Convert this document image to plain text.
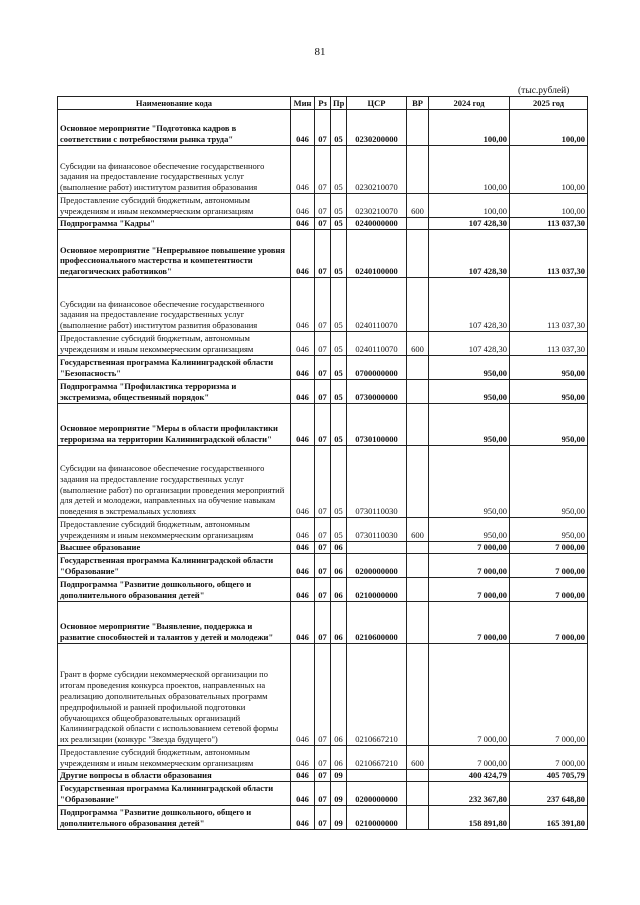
81
(тыс.рублей)
Наименование кода	Мин	Рз	Пр	ЦСР	ВР	2024 год	2025 год
Основное мероприятие "Подготовка кадров в соответствии с потребностями рынка труда"	046	07	05	0230200000		100,00	100,00
Субсидии на финансовое обеспечение государственного задания на предоставление государственных услуг (выполнение работ) институтом развития образования	046	07	05	0230210070		100,00	100,00
Предоставление субсидий бюджетным, автономным учреждениям и иным некоммерческим организациям	046	07	05	0230210070	600	100,00	100,00
Подпрограмма "Кадры"	046	07	05	0240000000		107 428,30	113 037,30
Основное мероприятие "Непрерывное повышение уровня профессионального мастерства и компетентности педагогических работников"	046	07	05	0240100000		107 428,30	113 037,30
Субсидии на финансовое обеспечение государственного задания на предоставление государственных услуг (выполнение работ) институтом развития образования	046	07	05	0240110070		107 428,30	113 037,30
Предоставление субсидий бюджетным, автономным учреждениям и иным некоммерческим организациям	046	07	05	0240110070	600	107 428,30	113 037,30
Государственная программа Калининградской области "Безопасность"	046	07	05	0700000000		950,00	950,00
Подпрограмма "Профилактика терроризма и экстремизма, общественный порядок"	046	07	05	0730000000		950,00	950,00
Основное мероприятие "Меры в области профилактики терроризма на территории Калининградской области"	046	07	05	0730100000		950,00	950,00
Субсидии на финансовое обеспечение государственного задания на предоставление государственных услуг (выполнение работ) по организации проведения мероприятий для детей и молодежи, направленных на обучение навыкам поведения в экстремальных условиях	046	07	05	0730110030		950,00	950,00
Предоставление субсидий бюджетным, автономным учреждениям и иным некоммерческим организациям	046	07	05	0730110030	600	950,00	950,00
Высшее образование	046	07	06			7 000,00	7 000,00
Государственная программа Калининградской области "Образование"	046	07	06	0200000000		7 000,00	7 000,00
Подпрограмма "Развитие дошкольного, общего и дополнительного образования детей"	046	07	06	0210000000		7 000,00	7 000,00
Основное мероприятие "Выявление, поддержка и развитие способностей и талантов у детей и молодежи"	046	07	06	0210600000		7 000,00	7 000,00
Грант в форме субсидии некоммерческой организации по итогам проведения конкурса проектов, направленных на реализацию дополнительных образовательных программ предпрофильной и ранней профильной подготовки обучающихся общеобразовательных организаций Калининградской области с использованием сетевой формы их реализации (конкурс "Звезда будущего")	046	07	06	0210667210		7 000,00	7 000,00
Предоставление субсидий бюджетным, автономным учреждениям и иным некоммерческим организациям	046	07	06	0210667210	600	7 000,00	7 000,00
Другие вопросы в области образования	046	07	09			400 424,79	405 705,79
Государственная программа Калининградской области "Образование"	046	07	09	0200000000		232 367,80	237 648,80
Подпрограмма "Развитие дошкольного, общего и дополнительного образования детей"	046	07	09	0210000000		158 891,80	165 391,80
